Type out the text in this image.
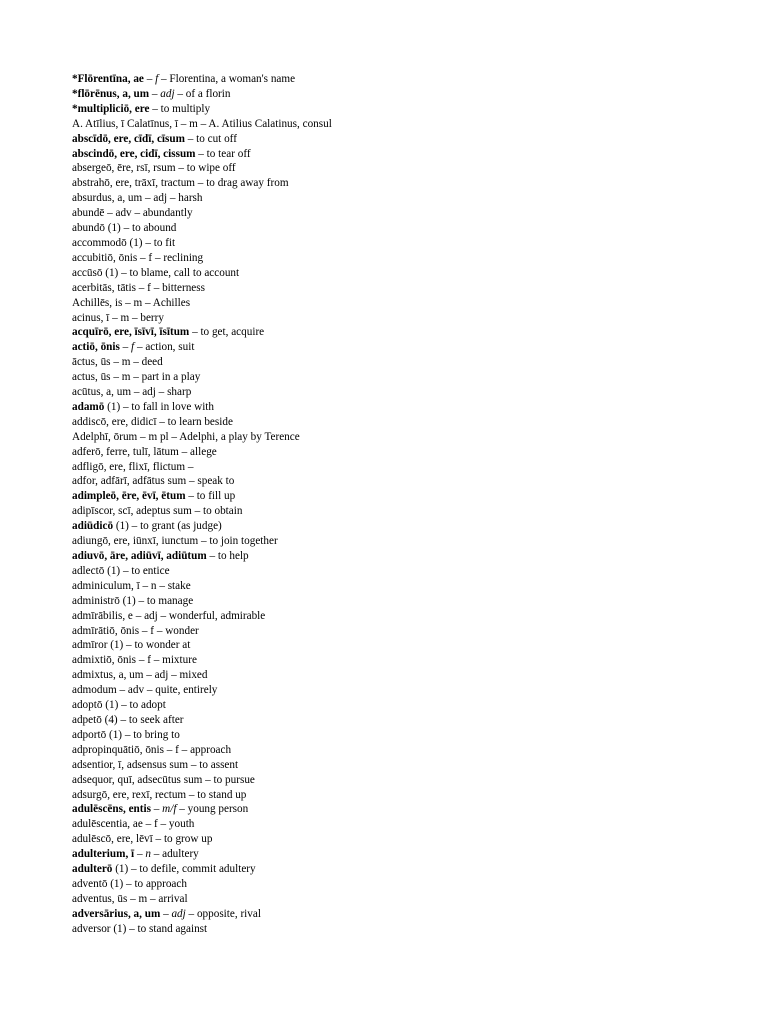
*Flōrentīna, ae – f – Florentina, a woman's name
*flōrēnus, a, um – adj – of a florin
*multipliciō, ere – to multiply
A. Atīlius, ī Calatīnus, ī – m – A. Atilius Calatinus, consul
abscīdō, ere, cīdī, cīsum – to cut off
abscindō, ere, cidī, cissum – to tear off
absergeō, ēre, rsī, rsum – to wipe off
abstrahō, ere, trāxī, tractum – to drag away from
absurdus, a, um – adj – harsh
abundē – adv – abundantly
abundō (1) – to abound
accommodō (1) – to fit
accubitiō, ōnis – f – reclining
accūsō (1) – to blame, call to account
acerbitās, tātis – f – bitterness
Achillēs, is – m – Achilles
acinus, ī – m – berry
acquīrō, ere, īsīvī, īsītum – to get, acquire
actiō, ōnis – f – action, suit
āctus, ūs – m – deed
actus, ūs – m – part in a play
acūtus, a, um – adj – sharp
adamō (1) – to fall in love with
addiscō, ere, didicī – to learn beside
Adelphī, ōrum – m pl – Adelphi, a play by Terence
adferō, ferre, tulī, lātum – allege
adfligō, ere, flixī, flictum –
adfor, adfārī, adfātus sum – speak to
adimpleō, ēre, ēvī, ētum – to fill up
adipīscor, scī, adeptus sum – to obtain
adiūdicō (1) – to grant (as judge)
adiungō, ere, iūnxī, iunctum – to join together
adiuvō, āre, adiūvī, adiūtum – to help
adlectō (1) – to entice
adminiculum, ī – n – stake
administrō (1) – to manage
admīrābilis, e – adj – wonderful, admirable
admīrātiō, ōnis – f – wonder
admīror (1) – to wonder at
admixtiō, ōnis – f – mixture
admixtus, a, um – adj – mixed
admodum – adv – quite, entirely
adoptō (1) – to adopt
adpetō (4) – to seek after
adportō (1) – to bring to
adpropinquātiō, ōnis – f – approach
adsentior, ī, adsensus sum – to assent
adsequor, quī, adsecūtus sum – to pursue
adsurgō, ere, rexī, rectum – to stand up
adulēscēns, entis – m/f – young person
adulēscentia, ae – f – youth
adulēscō, ere, lēvī – to grow up
adulterium, ī – n – adultery
adulterō (1) – to defile, commit adultery
adventō (1) – to approach
adventus, ūs – m – arrival
adversārius, a, um – adj – opposite, rival
adversor (1) – to stand against
